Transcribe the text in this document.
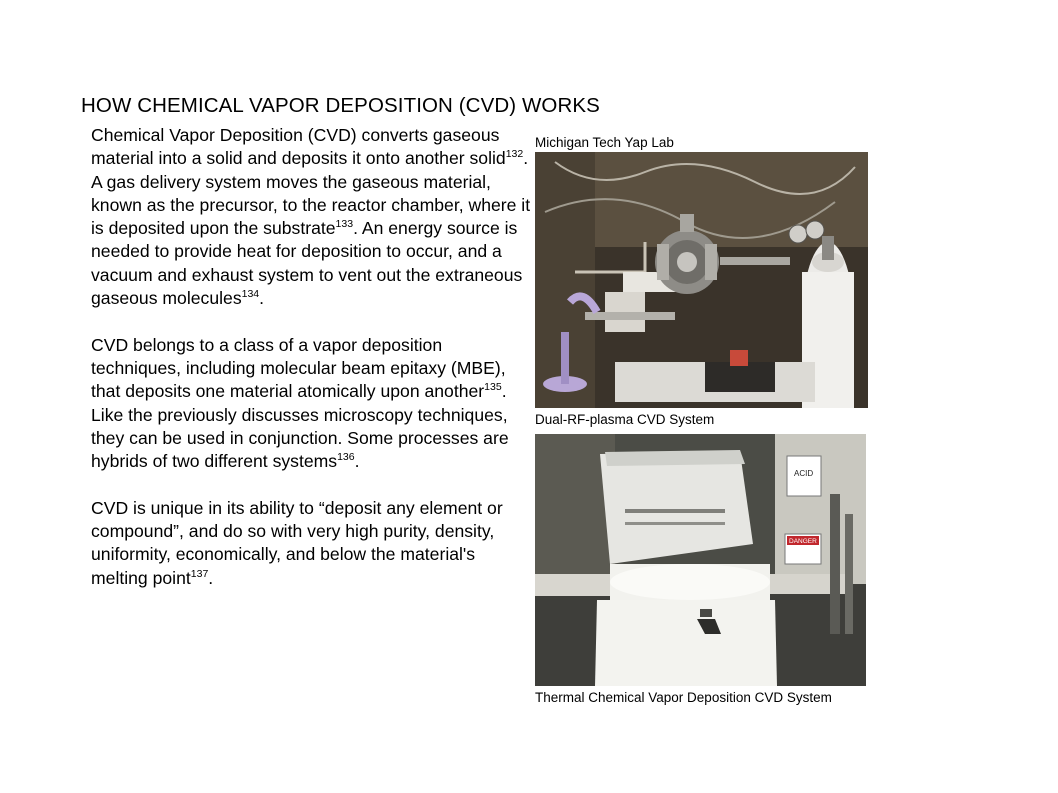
HOW CHEMICAL VAPOR DEPOSITION (CVD) WORKS

Chemical Vapor Deposition (CVD) converts gaseous material into a solid and deposits it onto another solid$^{132}$. A gas delivery system moves the gaseous material, known as the precursor, to the reactor chamber, where it is deposited upon the substrate$^{133}$. An energy source is needed to provide heat for deposition to occur, and a vacuum and exhaust system to vent out the extraneous gaseous molecules$^{134}$.

CVD belongs to a class of a vapor deposition techniques, including molecular beam epitaxy (MBE), that deposits one material atomically upon another$^{135}$. Like the previously discusses microscopy techniques, they can be used in conjunction. Some processes are hybrids of two different systems$^{136}$.

CVD is unique in its ability to “deposit any element or compound”, and do so with very high purity, density, uniformity, economically, and below the material's melting point$^{137}$.

Michigan Tech Yap Lab
Dual-RF-plasma CVD System
ACID
DANGER
Thermal Chemical Vapor Deposition CVD System
